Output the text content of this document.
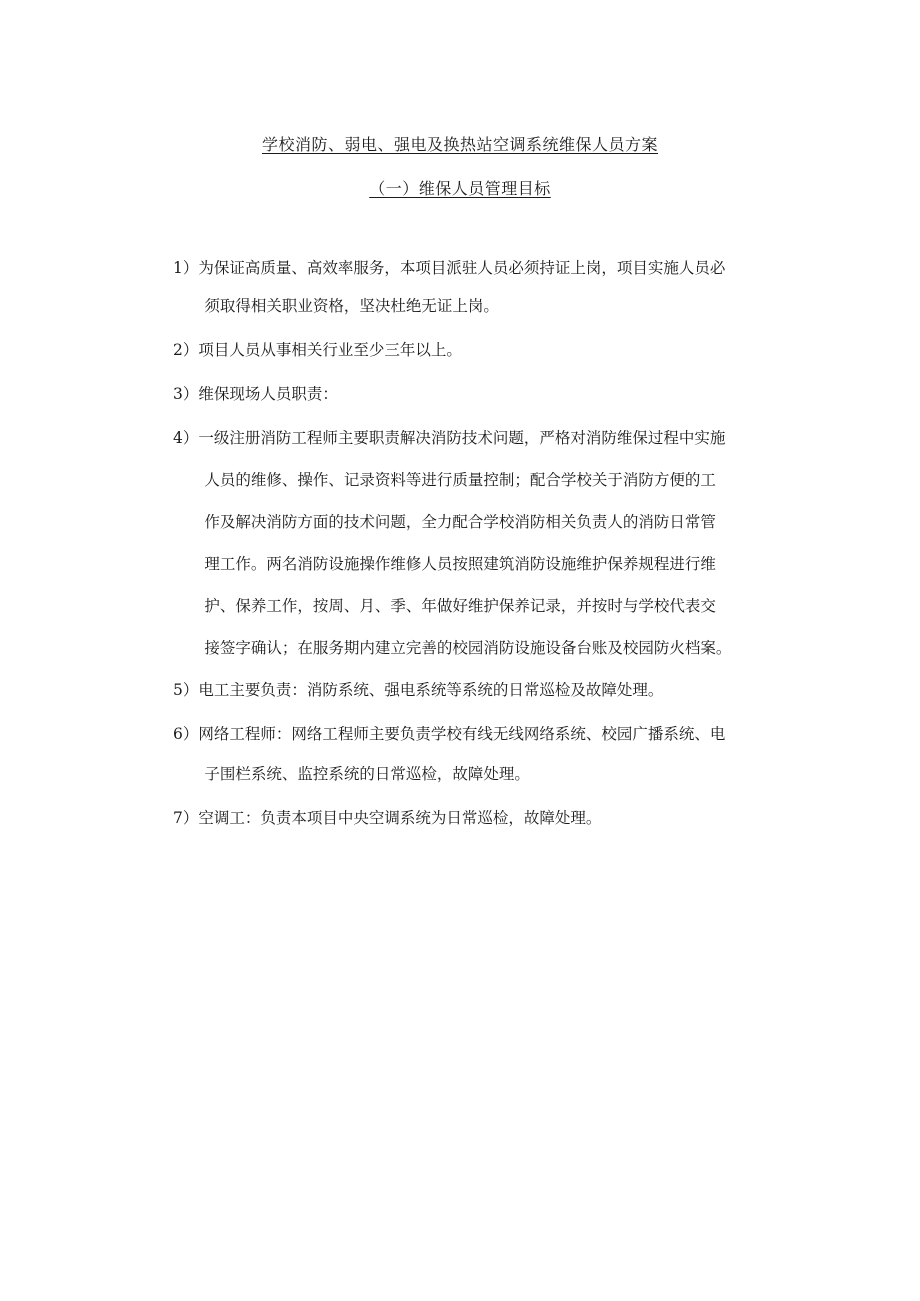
学校消防、弱电、强电及换热站空调系统维保人员方案
（一）维保人员管理目标
1） 为保证高质量、高效率服务，本项目派驻人员必须持证上岗，项目实施人员必
须取得相关职业资格，坚决杜绝无证上岗。
2） 项目人员从事相关行业至少三年以上。
3） 维保现场人员职责：
4） 一级注册消防工程师主要职责解决消防技术问题，严格对消防维保过程中实施
人员的维修、操作、记录资料等进行质量控制；配合学校关于消防方便的工
作及解决消防方面的技术问题，全力配合学校消防相关负责人的消防日常管
理工作。两名消防设施操作维修人员按照建筑消防设施维护保养规程进行维
护、保养工作，按周、月、季、年做好维护保养记录，并按时与学校代表交
接签字确认；在服务期内建立完善的校园消防设施设备台账及校园防火档案。
5） 电工主要负责：消防系统、强电系统等系统的日常巡检及故障处理。
6） 网络工程师：网络工程师主要负责学校有线无线网络系统、校园广播系统、电
子围栏系统、监控系统的日常巡检，故障处理。
7） 空调工：负责本项目中央空调系统为日常巡检，故障处理。
